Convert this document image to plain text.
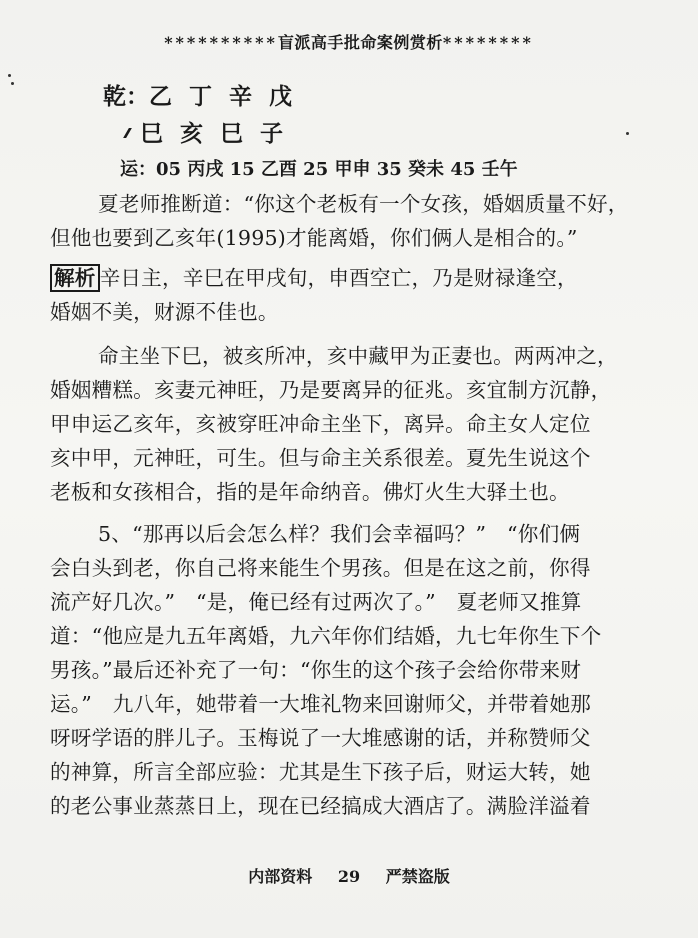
**********盲派高手批命案例赏析********
乾：乙 丁 辛 戊
巳 亥 巳 子
运：05 丙戌 15 乙酉 25 甲申 35 癸未 45 壬午
夏老师推断道：“你这个老板有一个女孩，婚姻质量不好，
但他也要到乙亥年(1995)才能离婚，你们俩人是相合的。”
解析 辛日主，辛巳在甲戌旬，申酉空亡，乃是财禄逢空，
婚姻不美，财源不佳也。
命主坐下巳，被亥所冲，亥中藏甲为正妻也。两两冲之，
婚姻糟糕。亥妻元神旺，乃是要离异的征兆。亥宜制方沉静，
甲申运乙亥年，亥被穿旺冲命主坐下，离异。命主女人定位
亥中甲，元神旺，可生。但与命主关系很差。夏先生说这个
老板和女孩相合，指的是年命纳音。佛灯火生大驿土也。
5、“那再以后会怎么样？我们会幸福吗？”　“你们俩
会白头到老，你自己将来能生个男孩。但是在这之前，你得
流产好几次。”　“是，俺已经有过两次了。”　夏老师又推算
道：“他应是九五年离婚，九六年你们结婚，九七年你生下个
男孩。”最后还补充了一句：“你生的这个孩子会给你带来财
运。”　九八年，她带着一大堆礼物来回谢师父，并带着她那
呀呀学语的胖儿子。玉梅说了一大堆感谢的话，并称赞师父
的神算，所言全部应验：尤其是生下孩子后，财运大转，她
的老公事业蒸蒸日上，现在已经搞成大酒店了。满脸洋溢着
内部资料 29 严禁盗版
